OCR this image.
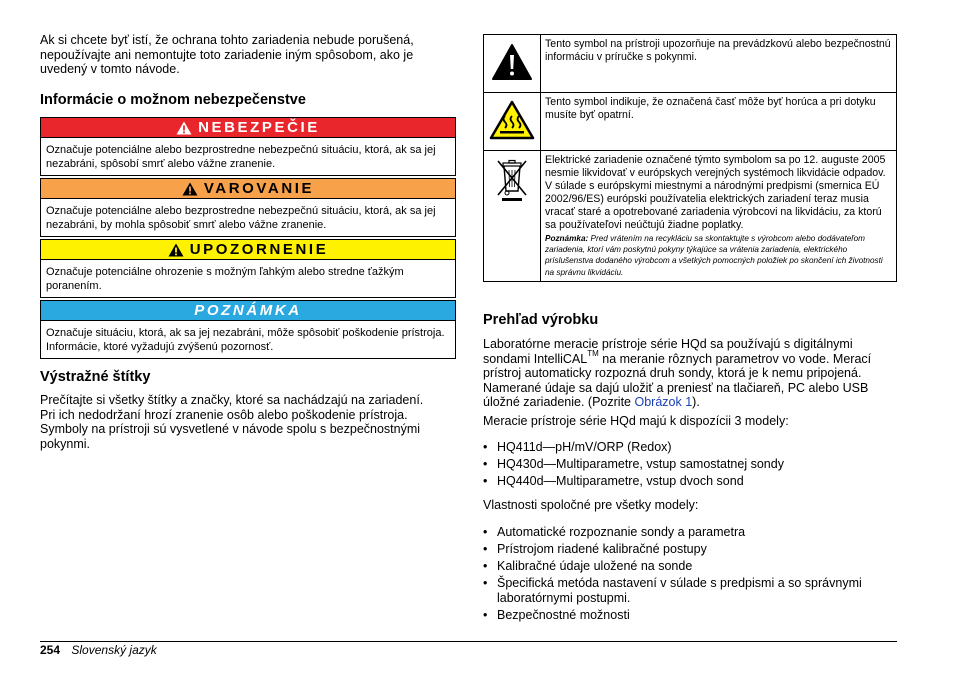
Ak si chcete byť istí, že ochrana tohto zariadenia nebude porušená, nepoužívajte ani nemontujte toto zariadenie iným spôsobom, ako je uvedený v tomto návode.

Informácie o možnom nebezpečenstve
NEBEZPEČIE
Označuje potenciálne alebo bezprostredne nebezpečnú situáciu, ktorá, ak sa jej nezabráni, spôsobí smrť alebo vážne zranenie.
VAROVANIE
Označuje potenciálne alebo bezprostredne nebezpečnú situáciu, ktorá, ak sa jej nezabráni, by mohla spôsobiť smrť alebo vážne zranenie.
UPOZORNENIE
Označuje potenciálne ohrozenie s možným ľahkým alebo stredne ťažkým poranením.
POZNÁMKA
Označuje situáciu, ktorá, ak sa jej nezabráni, môže spôsobiť poškodenie prístroja. Informácie, ktoré vyžadujú zvýšenú pozornosť.
Výstražné štítky

Prečítajte si všetky štítky a značky, ktoré sa nachádzajú na zariadení. Pri ich nedodržaní hrozí zranenie osôb alebo poškodenie prístroja. Symboly na prístroji sú vysvetlené v návode spolu s bezpečnostnými pokynmi.

	Tento symbol na prístroji upozorňuje na prevádzkovú alebo bezpečnostnú informáciu v príručke s pokynmi.
	Tento symbol indikuje, že označená časť môže byť horúca a pri dotyku musíte byť opatrní.

Elektrické zariadenie označené týmto symbolom sa po 12. auguste 2005 nesmie likvidovať v európskych verejných systémoch likvidácie odpadov. V súlade s európskymi miestnymi a národnými predpismi (smernica EÚ 2002/96/ES) európski používatelia elektrických zariadení teraz musia vracať staré a opotrebované zariadenia výrobcovi na likvidáciu, za ktorú sa používateľovi neúčtujú žiadne poplatky.
Poznámka: Pred vrátením na recykláciu sa skontaktujte s výrobcom alebo dodávateľom zariadenia, ktorí vám poskytnú pokyny týkajúce sa vrátenia zariadenia, elektrického príslušenstva dodaného výrobcom a všetkých pomocných položiek po skončení ich životnosti na správnu likvidáciu.
Prehľad výrobku

Laboratórne meracie prístroje série HQd sa používajú s digitálnymi sondami IntelliCAL™ na meranie rôznych parametrov vo vode. Merací prístroj automaticky rozpozná druh sondy, ktorá je k nemu pripojená. Namerané údaje sa dajú uložiť a preniesť na tlačiareň, PC alebo USB úložné zariadenie. (Pozrite Obrázok 1).

Meracie prístroje série HQd majú k dispozícii 3 modely:

• HQ411d—pH/mV/ORP (Redox)
• HQ430d—Multiparametre, vstup samostatnej sondy
• HQ440d—Multiparametre, vstup dvoch sond

Vlastnosti spoločné pre všetky modely:

• Automatické rozpoznanie sondy a parametra
• Prístrojom riadené kalibračné postupy
• Kalibračné údaje uložené na sonde
• Špecifická metóda nastavení v súlade s predpismi a so správnymi laboratórnymi postupmi.
• Bezpečnostné možnosti
254 Slovenský jazyk
